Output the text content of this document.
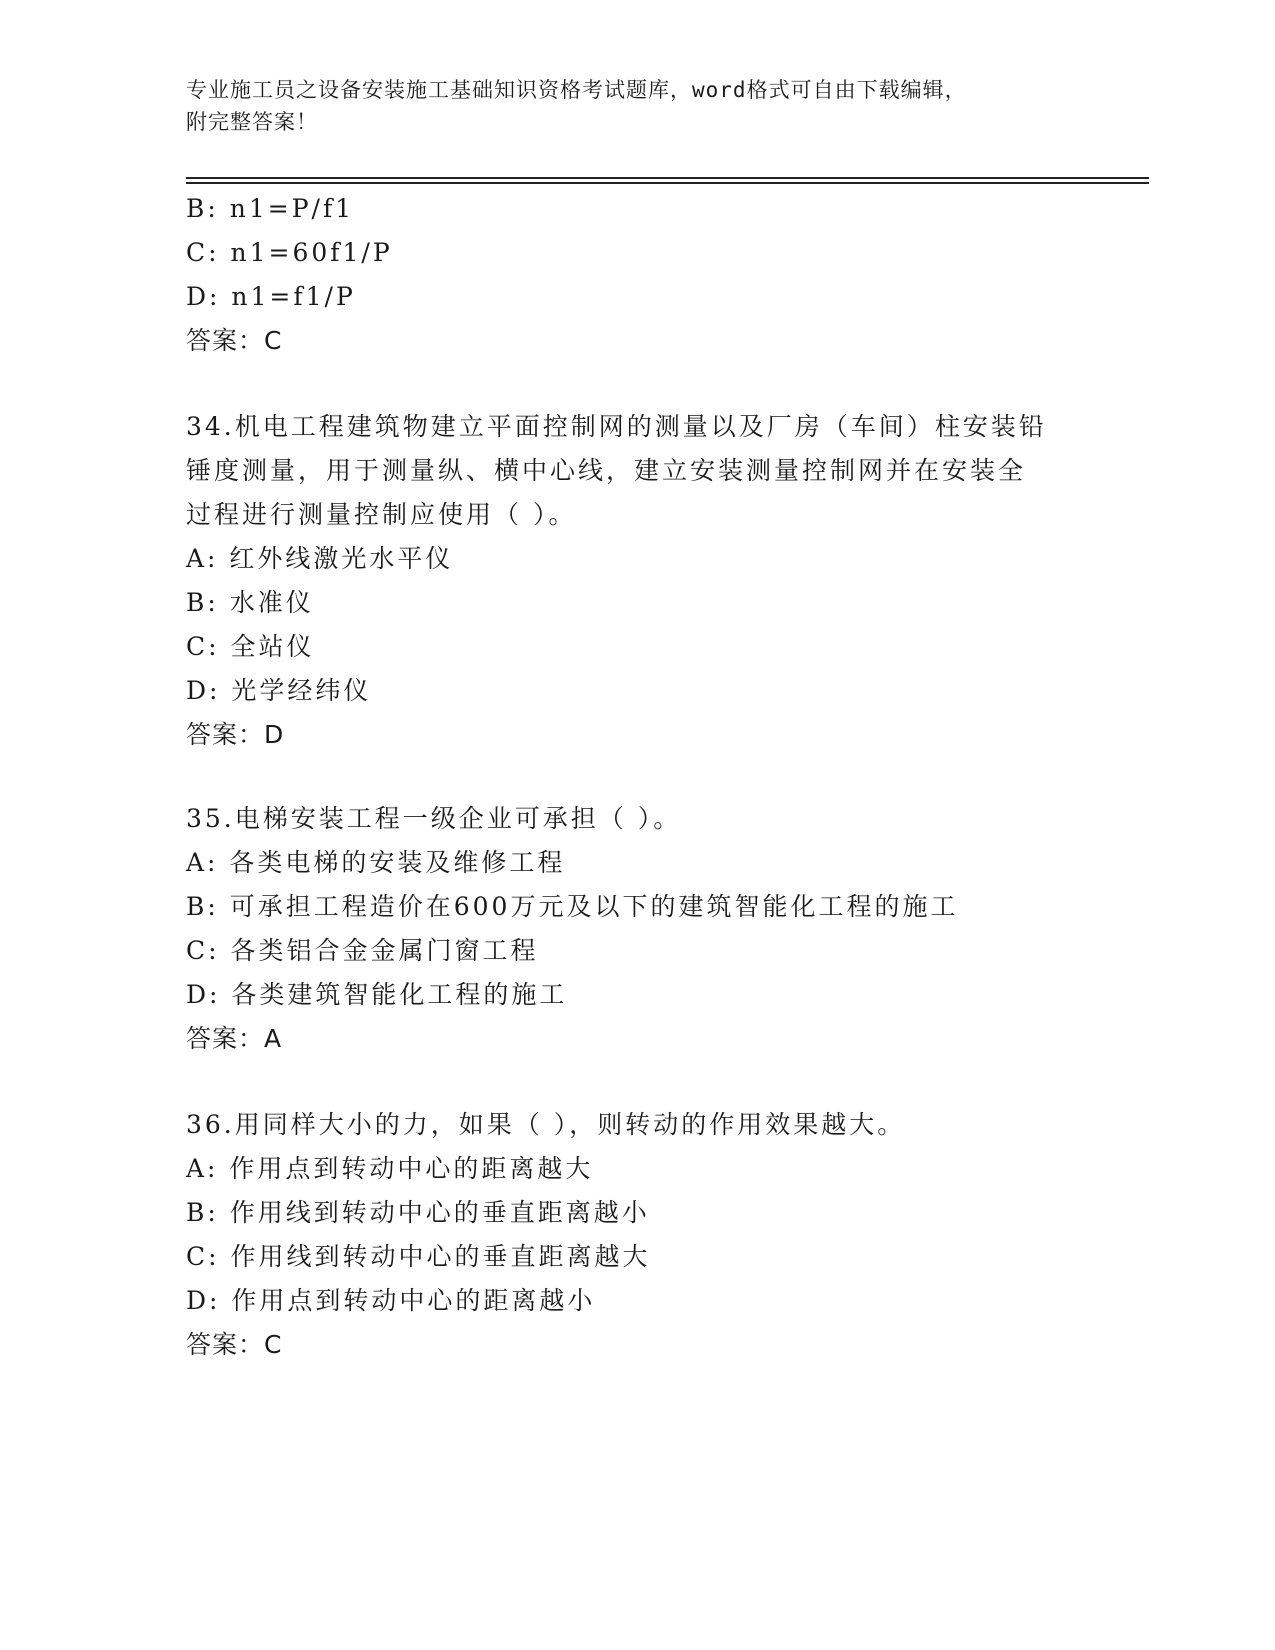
专业施工员之设备安装施工基础知识资格考试题库，word格式可自由下载编辑，
附完整答案！
B: n1=P/f1
C: n1=60f1/P
D: n1=f1/P
答案：C
34.机电工程建筑物建立平面控制网的测量以及厂房（车间）柱安装铅
锤度测量，用于测量纵、横中心线，建立安装测量控制网并在安装全
过程进行测量控制应使用（ ）。
A: 红外线激光水平仪
B: 水准仪
C: 全站仪
D: 光学经纬仪
答案：D
35.电梯安装工程一级企业可承担（ ）。
A: 各类电梯的安装及维修工程
B: 可承担工程造价在600万元及以下的建筑智能化工程的施工
C: 各类铝合金金属门窗工程
D: 各类建筑智能化工程的施工
答案：A
36.用同样大小的力，如果（ ），则转动的作用效果越大。
A: 作用点到转动中心的距离越大
B: 作用线到转动中心的垂直距离越小
C: 作用线到转动中心的垂直距离越大
D: 作用点到转动中心的距离越小
答案：C
